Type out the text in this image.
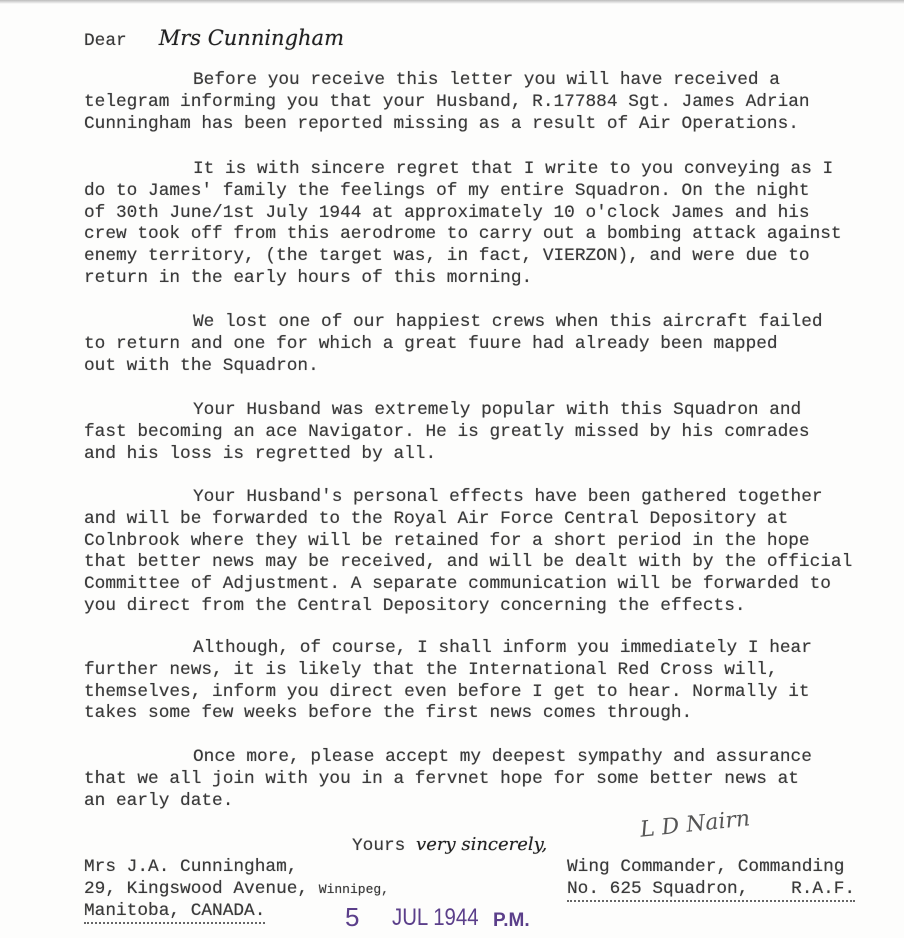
Dear Mrs Cunningham
Before you receive this letter you will have received a
telegram informing you that your Husband, R.177884 Sgt. James Adrian
Cunningham has been reported missing as a result of Air Operations.
It is with sincere regret that I write to you conveying as I
do to James' family the feelings of my entire Squadron. On the night
of 30th June/1st July 1944 at approximately 10 o'clock James and his
crew took off from this aerodrome to carry out a bombing attack against
enemy territory, (the target was, in fact, VIERZON), and were due to
return in the early hours of this morning.
We lost one of our happiest crews when this aircraft failed
to return and one for which a great fuure had already been mapped
out with the Squadron.
Your Husband was extremely popular with this Squadron and
fast becoming an ace Navigator. He is greatly missed by his comrades
and his loss is regretted by all.
Your Husband's personal effects have been gathered together
and will be forwarded to the Royal Air Force Central Depository at
Colnbrook where they will be retained for a short period in the hope
that better news may be received, and will be dealt with by the official
Committee of Adjustment. A separate communication will be forwarded to
you direct from the Central Depository concerning the effects.
Although, of course, I shall inform you immediately I hear
further news, it is likely that the International Red Cross will,
themselves, inform you direct even before I get to hear. Normally it
takes some few weeks before the first news comes through.
Once more, please accept my deepest sympathy and assurance
that we all join with you in a fervnet hope for some better news at
an early date.
Yours very sincerely,
L D Nairn
Mrs J.A. Cunningham,
29, Kingswood Avenue, Winnipeg,
Manitoba, CANADA.
Wing Commander, Commanding
No. 625 Squadron,    R.A.F.
5 JUL 1944 P.M.
